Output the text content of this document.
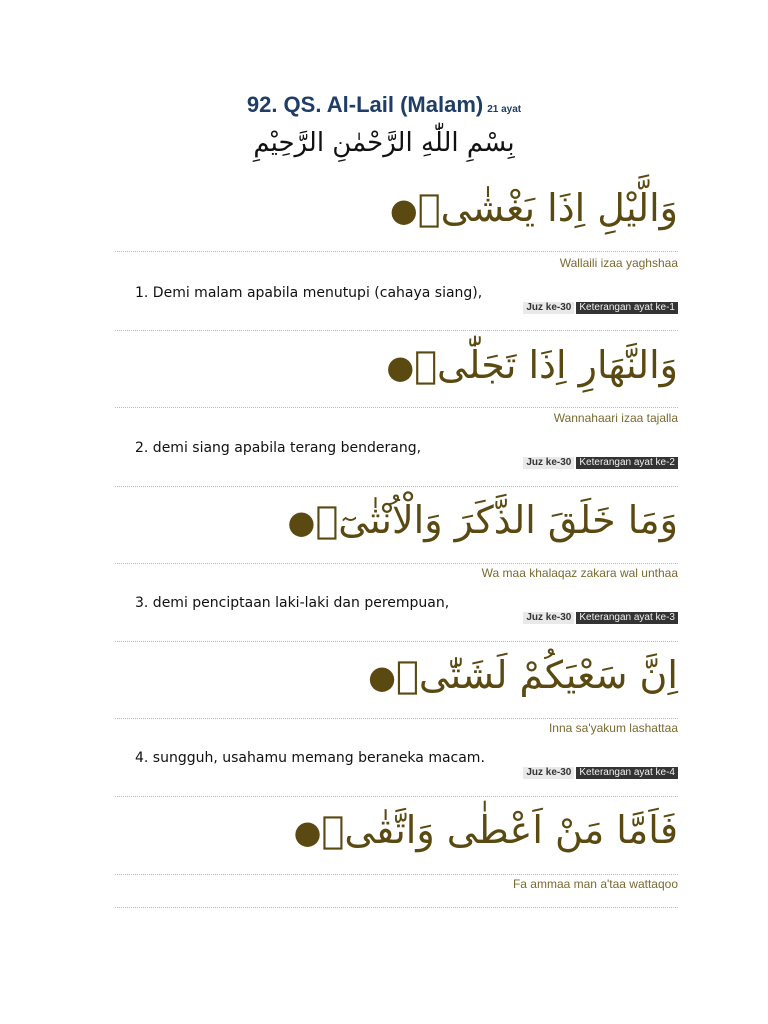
92. QS. Al-Lail (Malam) 21 ayat
بِسْمِ اللّٰهِ الرَّحْمٰنِ الرَّحِيْمِ
وَالَّيْلِ اِذَا يَغْشٰىۙ●
Wallaili izaa yaghshaa
1. Demi malam apabila menutupi (cahaya siang),
Juz ke-30 Keterangan ayat ke-1
وَالنَّهَارِ اِذَا تَجَلّٰىۙ●
Wannahaari izaa tajalla
2. demi siang apabila terang benderang,
Juz ke-30 Keterangan ayat ke-2
وَمَا خَلَقَ الذَّكَرَ وَالْاُنْثٰىٓۙ●
Wa maa khalaqaz zakara wal unthaa
3. demi penciptaan laki-laki dan perempuan,
Juz ke-30 Keterangan ayat ke-3
اِنَّ سَعْيَكُمْ لَشَتّٰىۗ●
Inna sa'yakum lashattaa
4. sungguh, usahamu memang beraneka macam.
Juz ke-30 Keterangan ayat ke-4
فَاَمَّا مَنْ اَعْطٰى وَاتَّقٰىۙ●
Fa ammaa man a'taa wattaqoo
